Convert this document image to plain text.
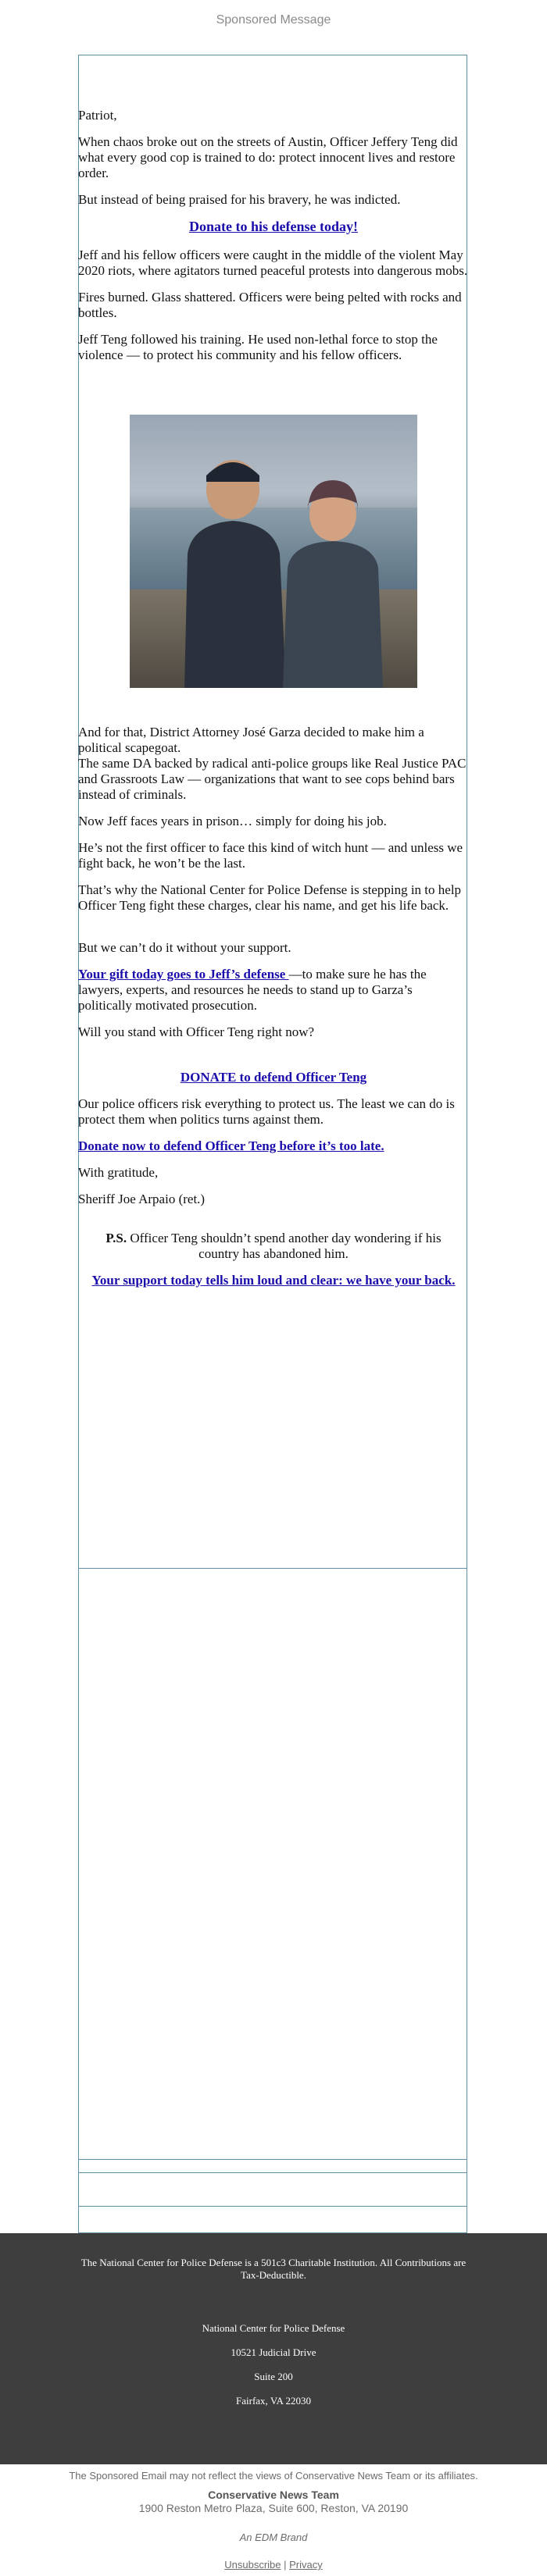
Sponsored Message

Patriot,

When chaos broke out on the streets of Austin, Officer Jeffery Teng did what every good cop is trained to do: protect innocent lives and restore order.

But instead of being praised for his bravery, he was indicted.

Donate to his defense today!

Jeff and his fellow officers were caught in the middle of the violent May 2020 riots, where agitators turned peaceful protests into dangerous mobs.

Fires burned. Glass shattered. Officers were being pelted with rocks and bottles.

Jeff Teng followed his training. He used non-lethal force to stop the violence — to protect his community and his fellow officers.

And for that, District Attorney José Garza decided to make him a political scapegoat.

The same DA backed by radical anti-police groups like Real Justice PAC and Grassroots Law — organizations that want to see cops behind bars instead of criminals.

Now Jeff faces years in prison… simply for doing his job.

He’s not the first officer to face this kind of witch hunt — and unless we fight back, he won’t be the last.

That’s why the National Center for Police Defense is stepping in to help Officer Teng fight these charges, clear his name, and get his life back.

But we can’t do it without your support.

Your gift today goes to Jeff’s defense —to make sure he has the lawyers, experts, and resources he needs to stand up to Garza’s politically motivated prosecution.

Will you stand with Officer Teng right now?

DONATE to defend Officer Teng

Our police officers risk everything to protect us. The least we can do is protect them when politics turns against them.

Donate now to defend Officer Teng before it’s too late.

With gratitude,

Sheriff Joe Arpaio (ret.)

P.S. Officer Teng shouldn’t spend another day wondering if his country has abandoned him.

Your support today tells him loud and clear: we have your back.

The National Center for Police Defense is a 501c3 Charitable Institution. All Contributions are Tax-Deductible.
National Center for Police Defense
10521 Judicial Drive
Suite 200
Fairfax, VA 22030
The Sponsored Email may not reflect the views of Conservative News Team or its affiliates.
Conservative News Team
1900 Reston Metro Plaza, Suite 600, Reston, VA 20190
An EDM Brand
Unsubscribe | Privacy
